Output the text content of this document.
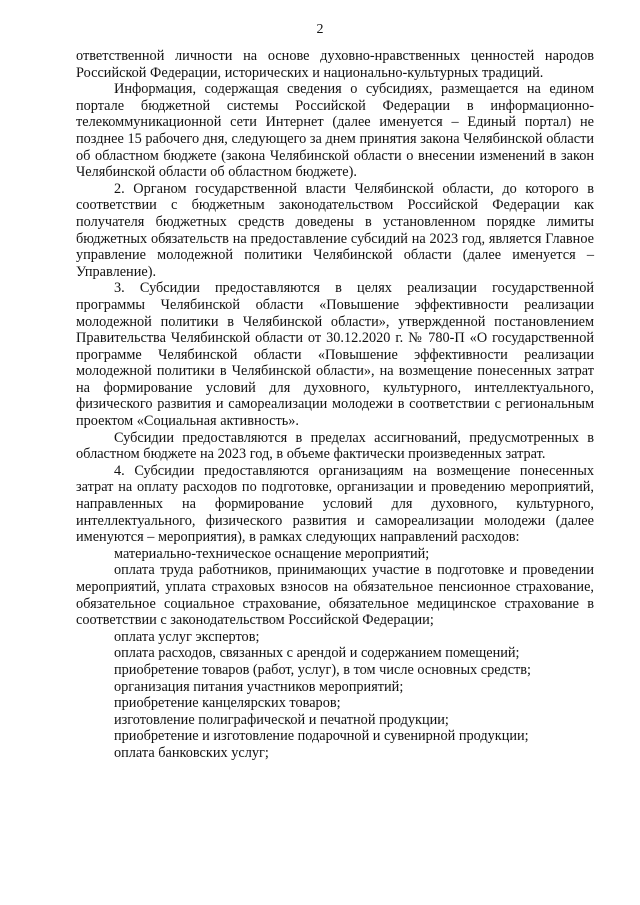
2

ответственной личности на основе духовно-нравственных ценностей народов Российской Федерации, исторических и национально-культурных традиций.

Информация, содержащая сведения о субсидиях, размещается на едином портале бюджетной системы Российской Федерации в информационно-телекоммуникационной сети Интернет (далее именуется – Единый портал) не позднее 15 рабочего дня, следующего за днем принятия закона Челябинской области об областном бюджете (закона Челябинской области о внесении изменений в закон Челябинской области об областном бюджете).

2. Органом государственной власти Челябинской области, до которого в соответствии с бюджетным законодательством Российской Федерации как получателя бюджетных средств доведены в установленном порядке лимиты бюджетных обязательств на предоставление субсидий на 2023 год, является Главное управление молодежной политики Челябинской области (далее именуется – Управление).

3. Субсидии предоставляются в целях реализации государственной программы Челябинской области «Повышение эффективности реализации молодежной политики в Челябинской области», утвержденной постановлением Правительства Челябинской области от 30.12.2020 г. № 780-П «О государственной программе Челябинской области «Повышение эффективности реализации молодежной политики в Челябинской области», на возмещение понесенных затрат на формирование условий для духовного, культурного, интеллектуального, физического развития и самореализации молодежи в соответствии с региональным проектом «Социальная активность».

Субсидии предоставляются в пределах ассигнований, предусмотренных в областном бюджете на 2023 год, в объеме фактически произведенных затрат.

4. Субсидии предоставляются организациям на возмещение понесенных затрат на оплату расходов по подготовке, организации и проведению мероприятий, направленных на формирование условий для духовного, культурного, интеллектуального, физического развития и самореализации молодежи (далее именуются – мероприятия), в рамках следующих направлений расходов:

материально-техническое оснащение мероприятий;

оплата труда работников, принимающих участие в подготовке и проведении мероприятий, уплата страховых взносов на обязательное пенсионное страхование, обязательное социальное страхование, обязательное медицинское страхование в соответствии с законодательством Российской Федерации;

оплата услуг экспертов;

оплата расходов, связанных с арендой и содержанием помещений;

приобретение товаров (работ, услуг), в том числе основных средств;

организация питания участников мероприятий;

приобретение канцелярских товаров;

изготовление полиграфической и печатной продукции;

приобретение и изготовление подарочной и сувенирной продукции;

оплата банковских услуг;
